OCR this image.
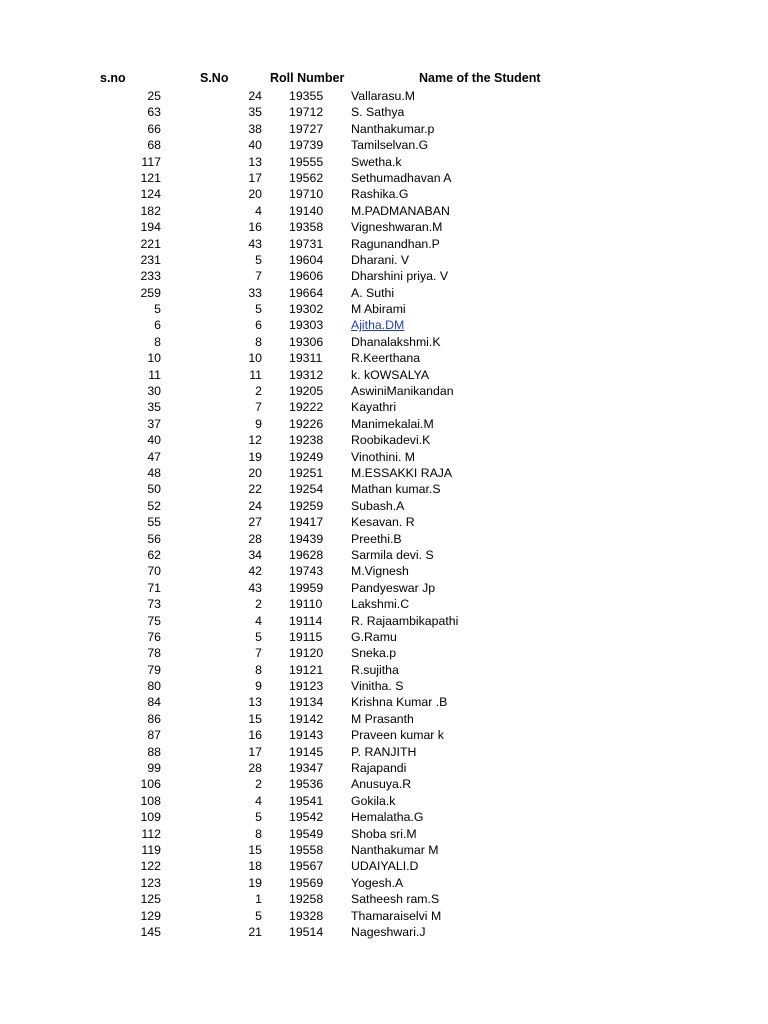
s.no	S.No	Roll Number	Name of the Student
25	24 19355 Vallarasu.M
63	35 19712 S. Sathya
66	38 19727 Nanthakumar.p
68	40 19739 Tamilselvan.G
117	13 19555 Swetha.k
121	17 19562 Sethumadhavan A
124	20 19710 Rashika.G
182	4 19140 M.PADMANABAN
194	16 19358 Vigneshwaran.M
221	43 19731 Ragunandhan.P
231	5 19604 Dharani. V
233	7 19606 Dharshini priya. V
259	33 19664 A. Suthi
5	5 19302 M Abirami
6	6 19303 Ajitha.DM
8	8 19306 Dhanalakshmi.K
10	10 19311 R.Keerthana
11	11 19312 k. kOWSALYA
30	2 19205 AswiniManikandan
35	7 19222 Kayathri
37	9 19226 Manimekalai.M
40	12 19238 Roobikadevi.K
47	19 19249 Vinothini. M
48	20 19251 M.ESSAKKI RAJA
50	22 19254 Mathan kumar.S
52	24 19259 Subash.A
55	27 19417 Kesavan. R
56	28 19439 Preethi.B
62	34 19628 Sarmila devi. S
70	42 19743 M.Vignesh
71	43 19959 Pandyeswar Jp
73	2 19110 Lakshmi.C
75	4 19114 R. Rajaambikapathi
76	5 19115 G.Ramu
78	7 19120 Sneka.p
79	8 19121 R.sujitha
80	9 19123 Vinitha. S
84	13 19134 Krishna Kumar .B
86	15 19142 M Prasanth
87	16 19143 Praveen kumar k
88	17 19145 P. RANJITH
99	28 19347 Rajapandi
106	2 19536 Anusuya.R
108	4 19541 Gokila.k
109	5 19542 Hemalatha.G
112	8 19549 Shoba sri.M
119	15 19558 Nanthakumar M
122	18 19567 UDAIYALI.D
123	19 19569 Yogesh.A
125	1 19258 Satheesh ram.S
129	5 19328 Thamaraiselvi M
145	21 19514 Nageshwari.J
